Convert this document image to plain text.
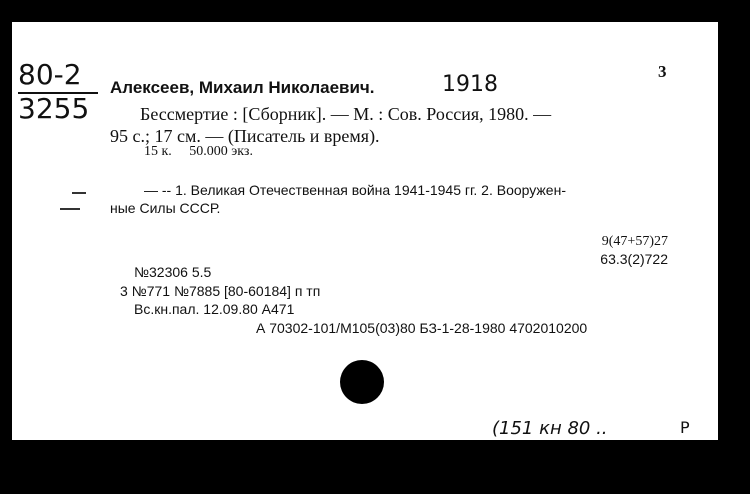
80-2
3255
3
Алексеев, Михаил Николаевич.	1918
Бессмертие : [Сборник]. — М. : Сов. Россия, 1980. —
95 с.; 17 см. — (Писатель и время).
15 к.     50.000 экз.
— -- 1. Великая Отечественная война 1941-1945 гг. 2. Вооружен-
ные Силы СССР.
9(47+57)27
63.3(2)722
№32306 5.5
3 №771 №7885 [80-60184] п тп
Вс.кн.пал. 12.09.80 А471
А 70302-101/М105(03)80 БЗ-1-28-1980 4702010200
(151 кн 80 ..	Р
